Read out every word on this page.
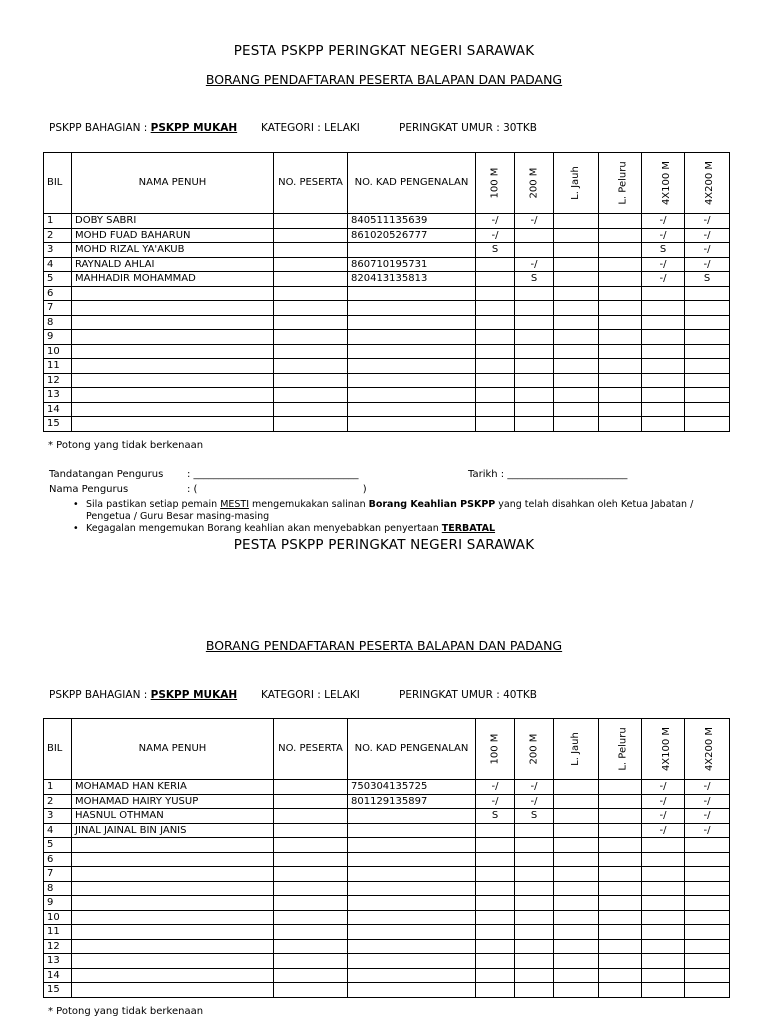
PESTA PSKPP PERINGKAT NEGERI SARAWAK
BORANG PENDAFTARAN PESERTA BALAPAN DAN PADANG
PSKPP BAHAGIAN : PSKPP MUKAH KATEGORI : LELAKI	PERINGKAT UMUR : 30TKB
BIL	NAMA PENUH	NO. PESERTA	NO. KAD PENGENALAN	100 M	200 M	L. Jauh	L. Peluru	4X100 M	4X200 M
1	DOBY SABRI		840511135639	-/	-/			-/	-/
2	MOHD FUAD BAHARUN		861020526777	-/				-/	-/
3	MOHD RIZAL YA'AKUB			S				S	-/
4	RAYNALD AHLAI		860710195731		-/			-/	-/
5	MAHHADIR MOHAMMAD		820413135813		S			-/	S
6									
7									
8									
9									
10									
11									
12									
13									
14									
15									
* Potong yang tidak berkenaan
Tandatangan Pengurus : _________________________________	Tarikh : ________________________
Nama Pengurus	: (                                                    )
• Sila pastikan setiap pemain MESTI mengemukakan salinan Borang Keahlian PSKPP yang telah disahkan oleh Ketua Jabatan /
Pengetua / Guru Besar masing-masing
• Kegagalan mengemukan Borang keahlian akan menyebabkan penyertaan TERBATAL
PESTA PSKPP PERINGKAT NEGERI SARAWAK
BORANG PENDAFTARAN PESERTA BALAPAN DAN PADANG
PSKPP BAHAGIAN : PSKPP MUKAH KATEGORI : LELAKI	PERINGKAT UMUR : 40TKB
BIL	NAMA PENUH	NO. PESERTA	NO. KAD PENGENALAN	100 M	200 M	L. Jauh	L. Peluru	4X100 M	4X200 M
1	MOHAMAD HAN KERIA		750304135725	-/	-/			-/	-/
2	MOHAMAD HAIRY YUSUP		801129135897	-/	-/			-/	-/
3	HASNUL OTHMAN			S	S			-/	-/
4	JINAL JAINAL BIN JANIS							-/	-/
5									
6									
7									
8									
9									
10									
11									
12									
13									
14									
15									
* Potong yang tidak berkenaan
